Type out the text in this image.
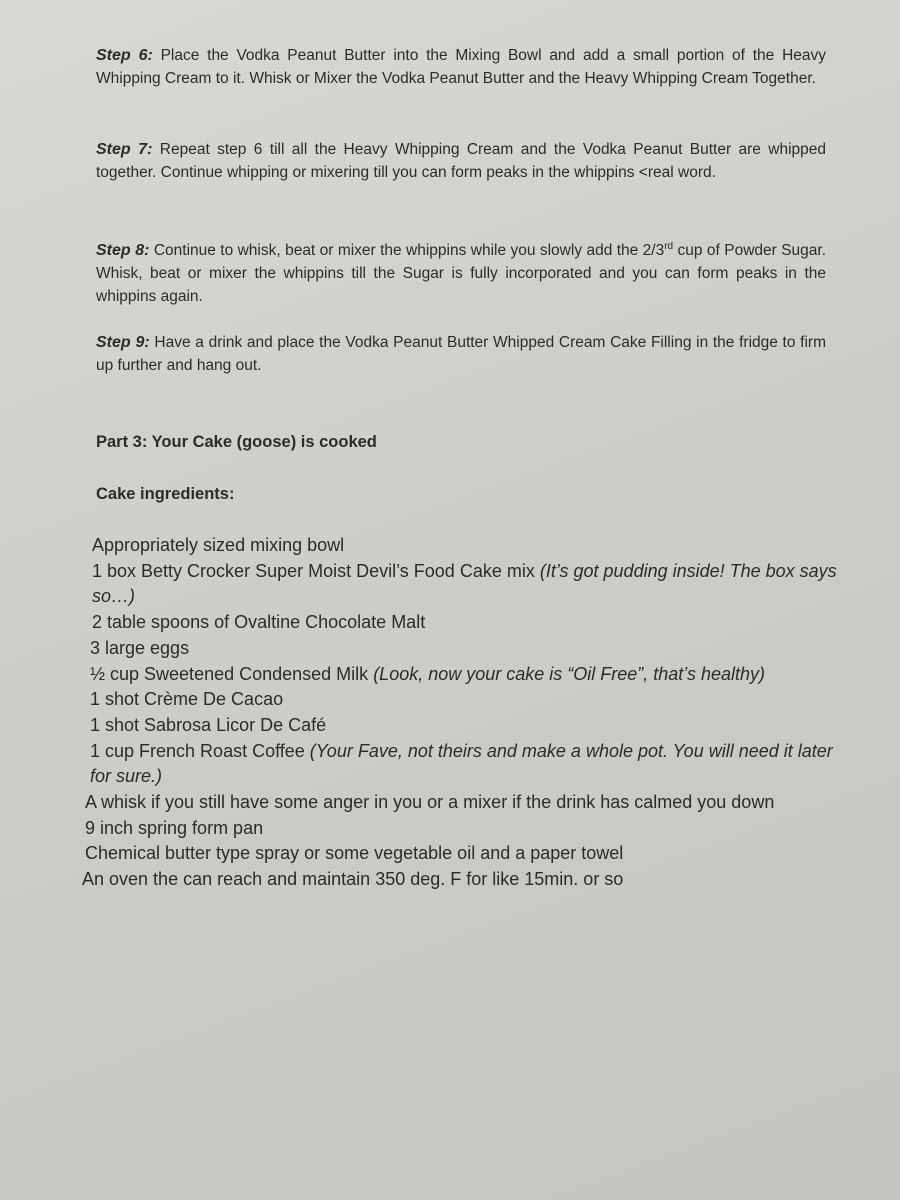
Step 6: Place the Vodka Peanut Butter into the Mixing Bowl and add a small portion of the Heavy Whipping Cream to it. Whisk or Mixer the Vodka Peanut Butter and the Heavy Whipping Cream Together.
Step 7: Repeat step 6 till all the Heavy Whipping Cream and the Vodka Peanut Butter are whipped together. Continue whipping or mixering till you can form peaks in the whippins <real word.
Step 8: Continue to whisk, beat or mixer the whippins while you slowly add the 2/3rd cup of Powder Sugar. Whisk, beat or mixer the whippins till the Sugar is fully incorporated and you can form peaks in the whippins again.
Step 9: Have a drink and place the Vodka Peanut Butter Whipped Cream Cake Filling in the fridge to firm up further and hang out.
Part 3: Your Cake (goose) is cooked
Cake ingredients:

Appropriately sized mixing bowl

1 box Betty Crocker Super Moist Devil’s Food Cake mix (It’s got pudding inside! The box says so…)

2 table spoons of Ovaltine Chocolate Malt

3 large eggs

½ cup Sweetened Condensed Milk (Look, now your cake is “Oil Free”, that’s healthy)

1 shot Crème De Cacao

1 shot Sabrosa Licor De Café

1 cup French Roast Coffee (Your Fave, not theirs and make a whole pot. You will need it later for sure.)

A whisk if you still have some anger in you or a mixer if the drink has calmed you down

9 inch spring form pan

Chemical butter type spray or some vegetable oil and a paper towel

An oven the can reach and maintain 350 deg. F for like 15min. or so
